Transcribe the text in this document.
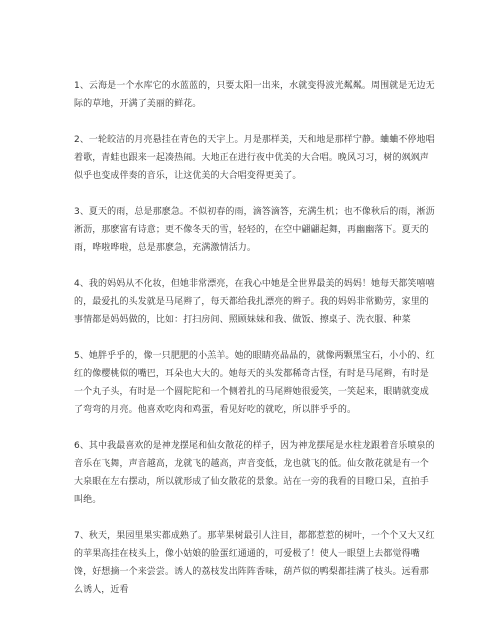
1、云海是一个水库它的水蓝蓝的，只要太阳一出来，水就变得波光粼粼。周围就是无边无际的草地，开满了美丽的鲜花。

2、一轮皎洁的月亮悬挂在青色的天宇上。月是那样美，天和地是那样宁静。蛐蛐不停地唱着歌，青蛙也跟来一起凑热闹。大地正在进行夜中优美的大合唱。晚风习习，树的飒飒声似乎也变成伴奏的音乐，让这优美的大合唱变得更美了。

3、夏天的雨，总是那麽急。不似初春的雨，滴答滴答，充满生机；也不像秋后的雨，淅沥淅沥，那麽富有诗意；更不像冬天的雪，轻轻的，在空中翩翩起舞，再幽幽落下。夏天的雨，哗啦哗啦，总是那麽急，充满激情活力。

4、我的妈妈从不化妆，但她非常漂亮，在我心中她是全世界最美的妈妈！她每天都笑嘻嘻的，最爱扎的头发就是马尾辫了，每天都给我扎漂亮的辫子。我的妈妈非常勤劳，家里的事情都是妈妈做的，比如：打扫房间、照顾妹妹和我、做饭、擦桌子、洗衣服、种菜

5、她胖乎乎的，像一只肥肥的小羔羊。她的眼睛亮晶晶的，就像两颗黑宝石，小小的、红红的像樱桃似的嘴巴，耳朵也大大的。她每天的头发都稀奇古怪，有时是马尾辫，有时是一个丸子头，有时是一个圆陀陀和一个侧着扎的马尾辫她很爱笑，一笑起来，眼睛就变成了弯弯的月亮。他喜欢吃肉和鸡蛋，看见好吃的就吃，所以胖乎乎的。

6、其中我最喜欢的是神龙摆尾和仙女散花的样子，因为神龙摆尾是水柱龙跟着音乐喷泉的音乐在飞舞，声音越高，龙就飞的越高，声音变低，龙也就飞的低。仙女散花就是有一个大泉眼在左右摆动，所以就形成了仙女散花的景象。站在一旁的我看的目瞪口呆，直拍手叫绝。

7、秋天，果园里果实都成熟了。那苹果树最引人注目，都都惹惹的树叶，一个个又大又红的苹果高挂在枝头上，像小姑娘的脸蛋红通通的，可爱极了！使人一眼望上去都觉得嘴馋，好想摘一个来尝尝。诱人的荔枝发出阵阵香味，葫芦似的鸭梨都挂满了枝头。远看那么诱人，近看
